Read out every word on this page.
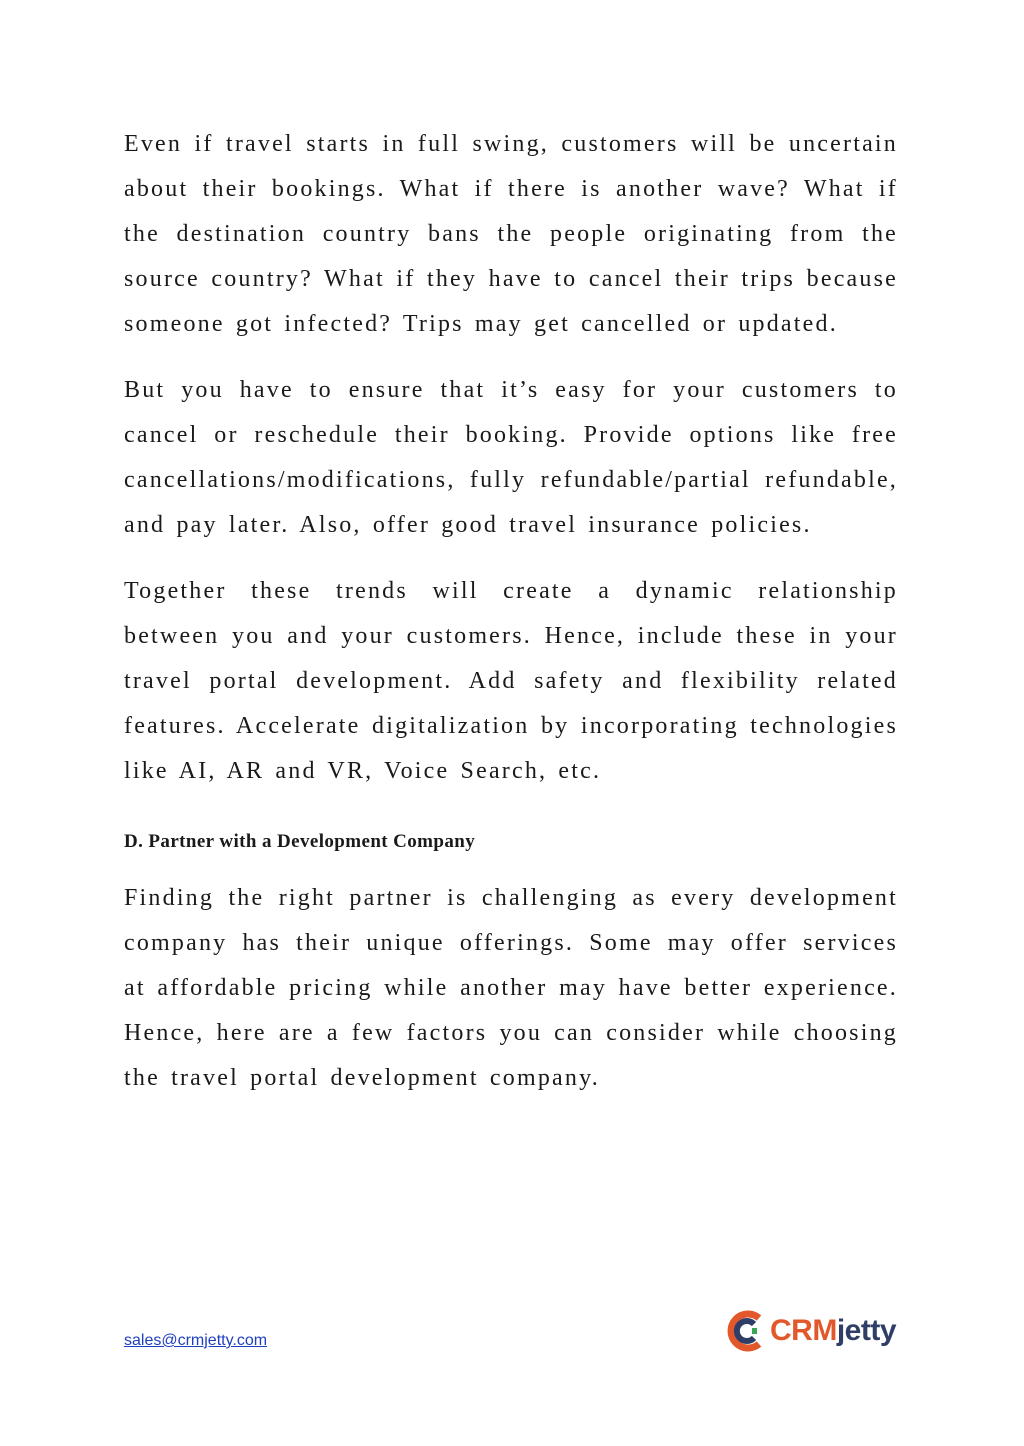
Even if travel starts in full swing, customers will be uncertain about their bookings. What if there is another wave? What if the destination country bans the people originating from the source country? What if they have to cancel their trips because someone got infected? Trips may get cancelled or updated.

But you have to ensure that it’s easy for your customers to cancel or reschedule their booking. Provide options like free cancellations/modifications, fully refundable/partial refundable, and pay later. Also, offer good travel insurance policies.

Together these trends will create a dynamic relationship between you and your customers. Hence, include these in your travel portal development. Add safety and flexibility related features. Accelerate digitalization by incorporating technologies like AI, AR and VR, Voice Search, etc.

D. Partner with a Development Company

Finding the right partner is challenging as every development company has their unique offerings. Some may offer services at affordable pricing while another may have better experience. Hence, here are a few factors you can consider while choosing the travel portal development company.

sales@crmjetty.com	CRMjetty
